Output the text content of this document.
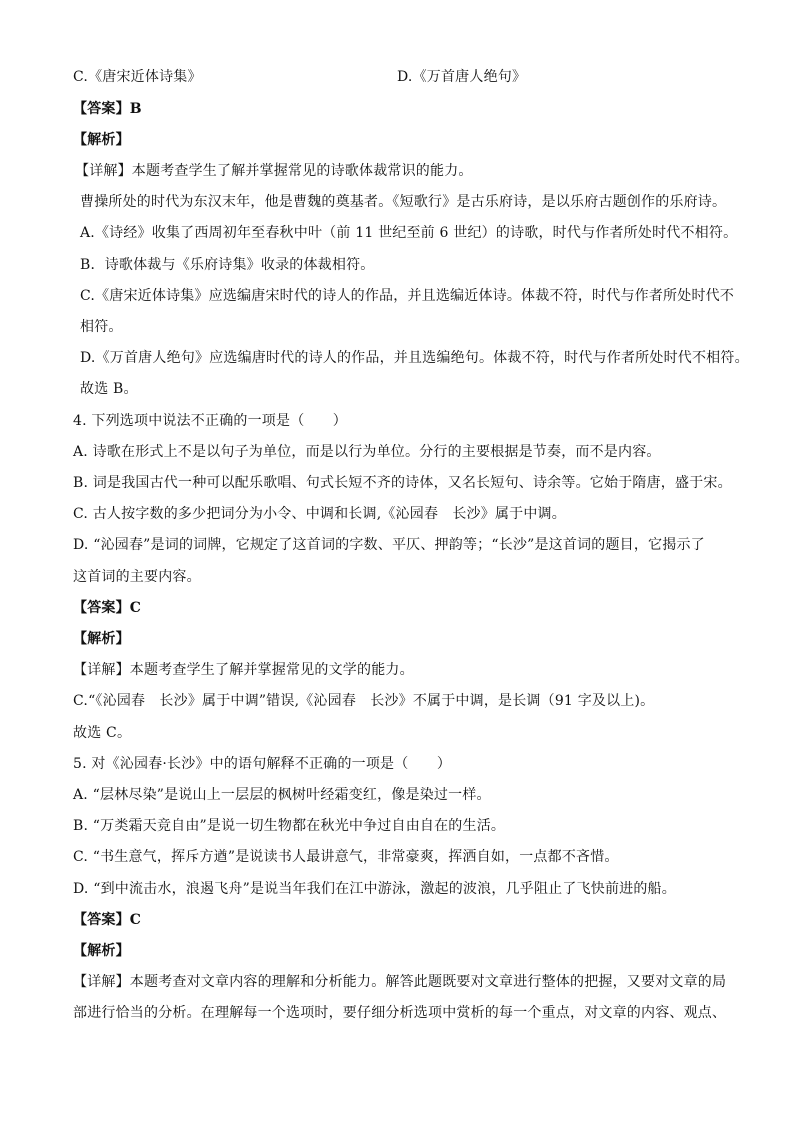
C.《唐宋近体诗集》	D.《万首唐人绝句》
【答案】B
【解析】
【详解】本题考查学生了解并掌握常见的诗歌体裁常识的能力。
曹操所处的时代为东汉末年，他是曹魏的奠基者。《短歌行》是古乐府诗，是以乐府古题创作的乐府诗。
A.《诗经》收集了西周初年至春秋中叶（前 11 世纪至前 6 世纪）的诗歌，时代与作者所处时代不相符。
B．诗歌体裁与《乐府诗集》收录的体裁相符。
C.《唐宋近体诗集》应选编唐宋时代的诗人的作品，并且选编近体诗。体裁不符，时代与作者所处时代不
相符。
D.《万首唐人绝句》应选编唐时代的诗人的作品，并且选编绝句。体裁不符，时代与作者所处时代不相符。
故选 B。
4. 下列选项中说法不正确的一项是（　　）
A. 诗歌在形式上不是以句子为单位，而是以行为单位。分行的主要根据是节奏，而不是内容。
B. 词是我国古代一种可以配乐歌唱、句式长短不齐的诗体，又名长短句、诗余等。它始于隋唐，盛于宋。
C. 古人按字数的多少把词分为小令、中调和长调,《沁园春　长沙》属于中调。
D. “沁园春”是词的词牌，它规定了这首词的字数、平仄、押韵等；“长沙”是这首词的题目，它揭示了
这首词的主要内容。
【答案】C
【解析】
【详解】本题考查学生了解并掌握常见的文学的能力。
C.“《沁园春　长沙》属于中调”错误,《沁园春　长沙》不属于中调，是长调（91 字及以上)。
故选 C。
5. 对《沁园春·长沙》中的语句解释不正确的一项是（　　）
A. “层林尽染”是说山上一层层的枫树叶经霜变红，像是染过一样。
B. “万类霜天竞自由”是说一切生物都在秋光中争过自由自在的生活。
C. “书生意气，挥斥方遒”是说读书人最讲意气，非常豪爽，挥洒自如，一点都不吝惜。
D. “到中流击水，浪遏飞舟”是说当年我们在江中游泳，激起的波浪，几乎阻止了飞快前进的船。
【答案】C
【解析】
【详解】本题考查对文章内容的理解和分析能力。解答此题既要对文章进行整体的把握，又要对文章的局
部进行恰当的分析。在理解每一个选项时，要仔细分析选项中赏析的每一个重点，对文章的内容、观点、
